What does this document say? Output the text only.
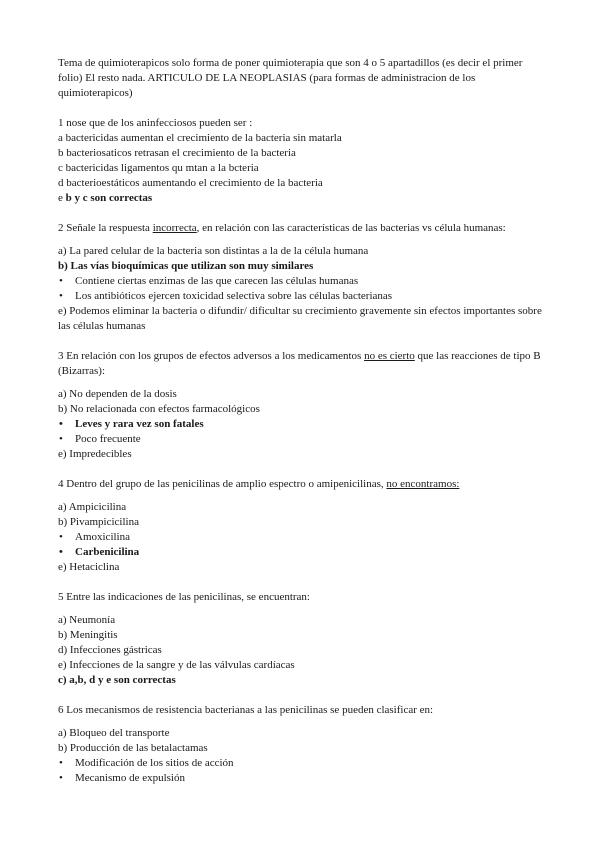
Tema de quimioterapicos solo forma de poner quimioterapia que son 4 o 5 apartadillos (es decir el primer folio) El resto nada. ARTICULO DE LA NEOPLASIAS (para formas de administracion de los quimioterapicos)

1 nose que de los aninfecciosos pueden ser :

a bactericidas aumentan el crecimiento de la bacteria sin matarla

b bacteriosaticos retrasan el crecimiento de la bacteria

c bactericidas ligamentos qu mtan a la bcteria

d bacterioestáticos aumentando el crecimiento de la bacteria

e b y c son correctas

2 Señale la respuesta incorrecta, en relación con las características de las bacterias vs célula humanas:

a) La pared celular de la bacteria son distintas a la de la célula humana

b) Las vías bioquímicas que utilizan son muy similares

• Contiene ciertas enzimas de las que carecen las células humanas

• Los antibióticos ejercen toxicidad selectiva sobre las células bacterianas

e) Podemos eliminar la bacteria o difundir/ dificultar su crecimiento gravemente sin efectos importantes sobre las células humanas

3 En relación con los grupos de efectos adversos a los medicamentos no es cierto que las reacciones de tipo B (Bizarras):

a) No dependen de la dosis

b) No relacionada con efectos farmacológicos

• Leves y rara vez son fatales

• Poco frecuente

e) Impredecibles

4 Dentro del grupo de las penicilinas de amplio espectro o amipenicilinas, no encontramos:

a) Ampicicilina

b) Pivampicicilina

• Amoxicilina

• Carbenicilina

e) Hetaciclina

5 Entre las indicaciones de las penicilinas, se encuentran:

a) Neumonía

b) Meningitis

d) Infecciones gástricas

e) Infecciones de la sangre y de las válvulas cardíacas

c) a,b, d y e son correctas

6 Los mecanismos de resistencia bacterianas a las penicilinas se pueden clasificar en:

a) Bloqueo del transporte

b) Producción de las betalactamas

• Modificación de los sitios de acción

• Mecanismo de expulsión
